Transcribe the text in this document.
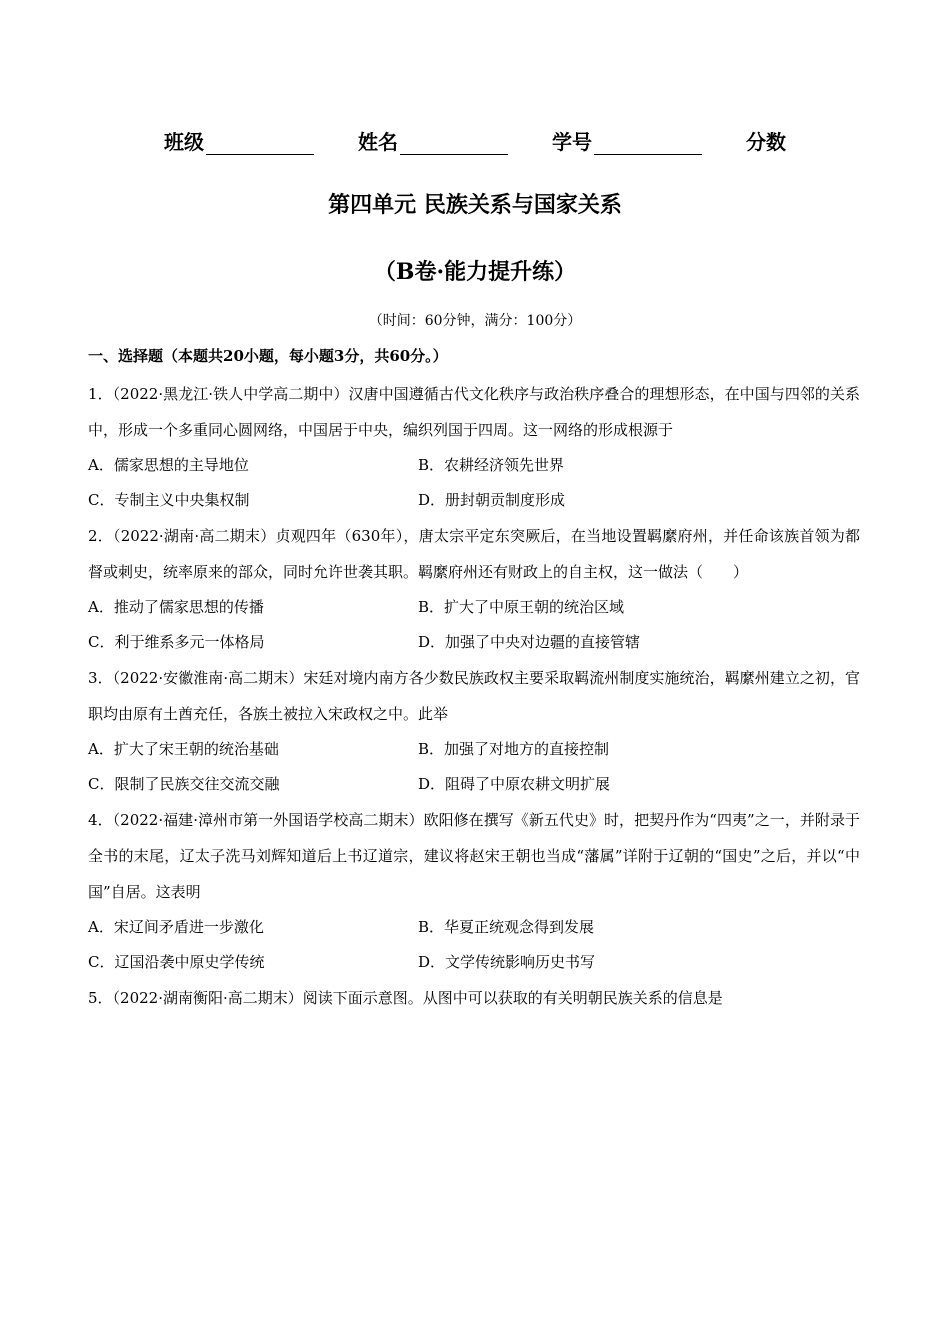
班级	姓名	学号	分数
第四单元 民族关系与国家关系
（B卷·能力提升练）
（时间：60分钟，满分：100分）
一、选择题（本题共20小题，每小题3分，共60分。）

1．（2022·黑龙江·铁人中学高二期中）汉唐中国遵循古代文化秩序与政治秩序叠合的理想形态，在中国与四邻的关系中，形成一个多重同心圆网络，中国居于中央，编织列国于四周。这一网络的形成根源于

A．儒家思想的主导地位	B．农耕经济领先世界
C．专制主义中央集权制	D．册封朝贡制度形成

2．（2022·湖南·高二期末）贞观四年（630年），唐太宗平定东突厥后，在当地设置羁縻府州，并任命该族首领为都督或刺史，统率原来的部众，同时允许世袭其职。羁縻府州还有财政上的自主权，这一做法（　　）

A．推动了儒家思想的传播	B．扩大了中原王朝的统治区域
C．利于维系多元一体格局	D．加强了中央对边疆的直接管辖

3．（2022·安徽淮南·高二期末）宋廷对境内南方各少数民族政权主要采取羁流州制度实施统治，羁縻州建立之初，官职均由原有土酋充任，各族土被拉入宋政权之中。此举

A．扩大了宋王朝的统治基础	B．加强了对地方的直接控制
C．限制了民族交往交流交融	D．阻碍了中原农耕文明扩展

4．（2022·福建·漳州市第一外国语学校高二期末）欧阳修在撰写《新五代史》时，把契丹作为“四夷”之一，并附录于全书的末尾，辽太子洗马刘辉知道后上书辽道宗，建议将赵宋王朝也当成“藩属”详附于辽朝的“国史”之后，并以“中国”自居。这表明

A．宋辽间矛盾进一步激化	B．华夏正统观念得到发展
C．辽国沿袭中原史学传统	D．文学传统影响历史书写

5．（2022·湖南衡阳·高二期末）阅读下面示意图。从图中可以获取的有关明朝民族关系的信息是
